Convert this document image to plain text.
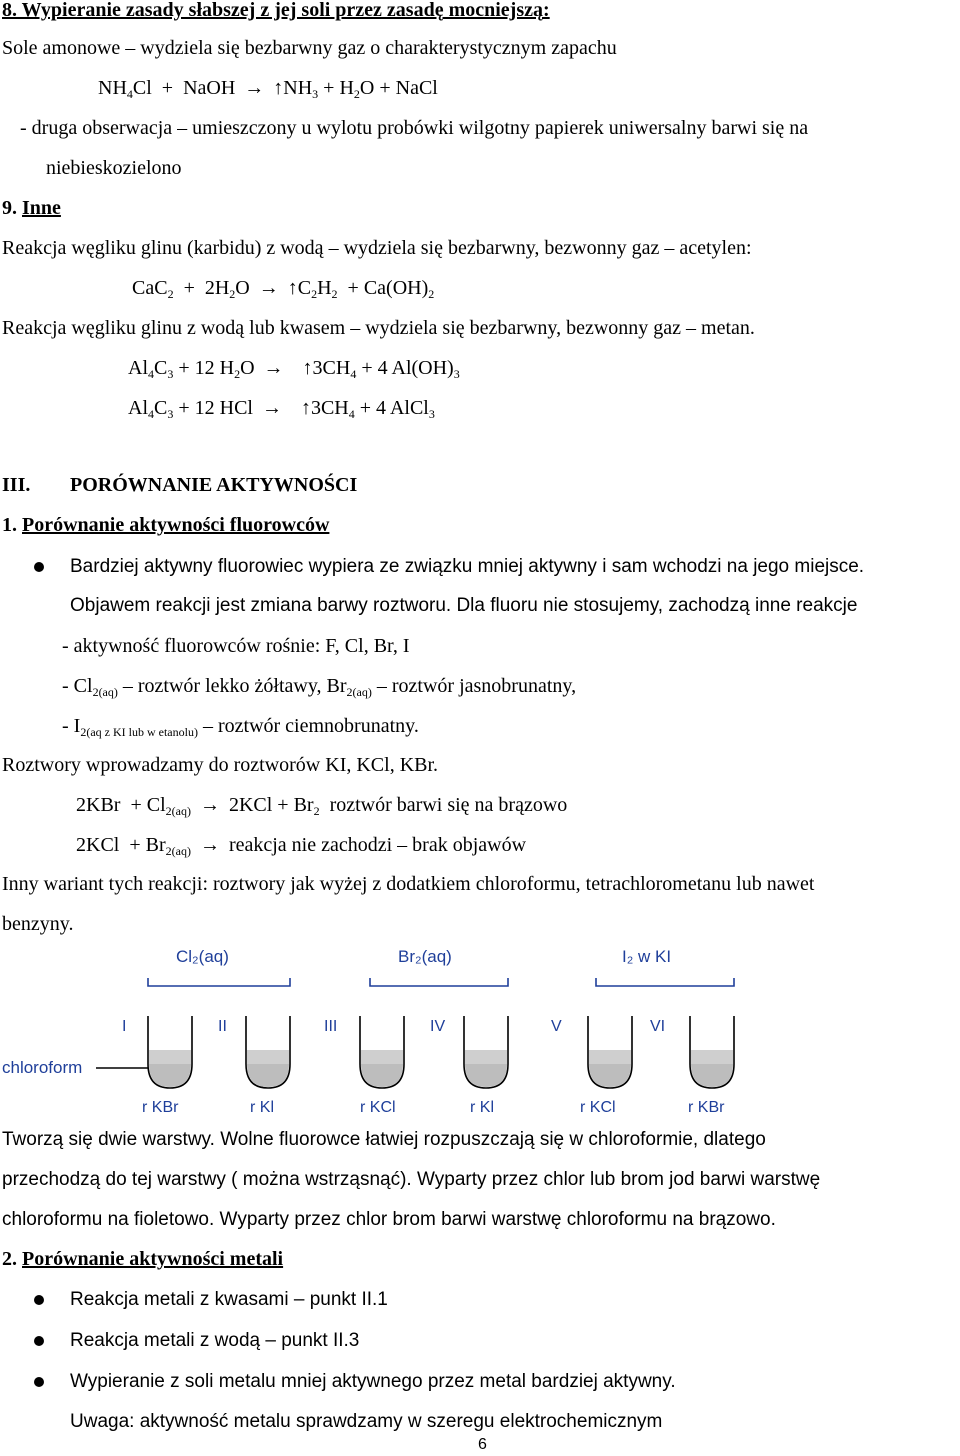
8. Wypieranie zasady słabszej z jej soli przez zasadę mocniejszą:
Sole amonowe – wydziela się bezbarwny gaz o charakterystycznym zapachu
$NH_4Cl$  +  NaOH → $↑NH_3 + H_2O$ + NaCl
- druga obserwacja – umieszczony u wylotu probówki wilgotny papierek uniwersalny barwi się na
niebieskozielono
9. Inne
Reakcja węgliku glinu (karbidu) z wodą – wydziela się bezbarwny, bezwonny gaz – acetylen:
$CaC_2 + 2H_2O$ → $↑C_2H_2 + Ca(OH)_2$
Reakcja węgliku glinu z wodą lub kwasem – wydziela się bezbarwny, bezwonny gaz – metan.
$Al_4C_3 + 12$ $H_2O$ →   $↑3CH_4 + 4$ $Al(OH)_3$
$Al_4C_3 + 12$ HCl →   $↑3CH_4 + 4$ AlCl$_3$
III. PORÓWNANIE AKTYWNOŚCI
1. Porównanie aktywności fluorowców
Bardziej aktywny fluorowiec wypiera ze związku mniej aktywny i sam wchodzi na jego miejsce.
Objawem reakcji jest zmiana barwy roztworu. Dla fluoru nie stosujemy, zachodzą inne reakcje
- aktywność fluorowców rośnie: F, Cl, Br, I
- $Cl_{2(aq)}$ – roztwór lekko żółtawy, $Br_{2(aq)}$ – roztwór jasnobrunatny,
- $I_{2(aq z KI lub w etanolu)}$ – roztwór ciemnobrunatny.
Roztwory wprowadzamy do roztworów KI, KCl, KBr.
$2KBr + Cl_{2(aq)} \to 2KCl + Br_2$ roztwór barwi się na brązowo
$2KCl + Br_{2(aq)}$ → reakcja nie zachodzi – brak objawów
Inny wariant tych reakcji: roztwory jak wyżej z dodatkiem chloroformu, tetrachlorometanu lub nawet
benzyny.
Cl₂(aq)	Br₂(aq)	I₂ w KI
I	II	III	IV	V	VI
chloroform
r KBr	r Kl	r KCl	r Kl	r KCl	r KBr
Tworzą się dwie warstwy. Wolne fluorowce łatwiej rozpuszczają się w chloroformie, dlatego
przechodzą do tej warstwy ( można wstrząsnąć). Wyparty przez chlor lub brom jod barwi warstwę
chloroformu na fioletowo. Wyparty przez chlor brom barwi warstwę chloroformu na brązowo.
2. Porównanie aktywności metali
Reakcja metali z kwasami – punkt II.1
Reakcja metali z wodą – punkt II.3
Wypieranie z soli metalu mniej aktywnego przez metal bardziej aktywny.
Uwaga: aktywność metalu sprawdzamy w szeregu elektrochemicznym
6
